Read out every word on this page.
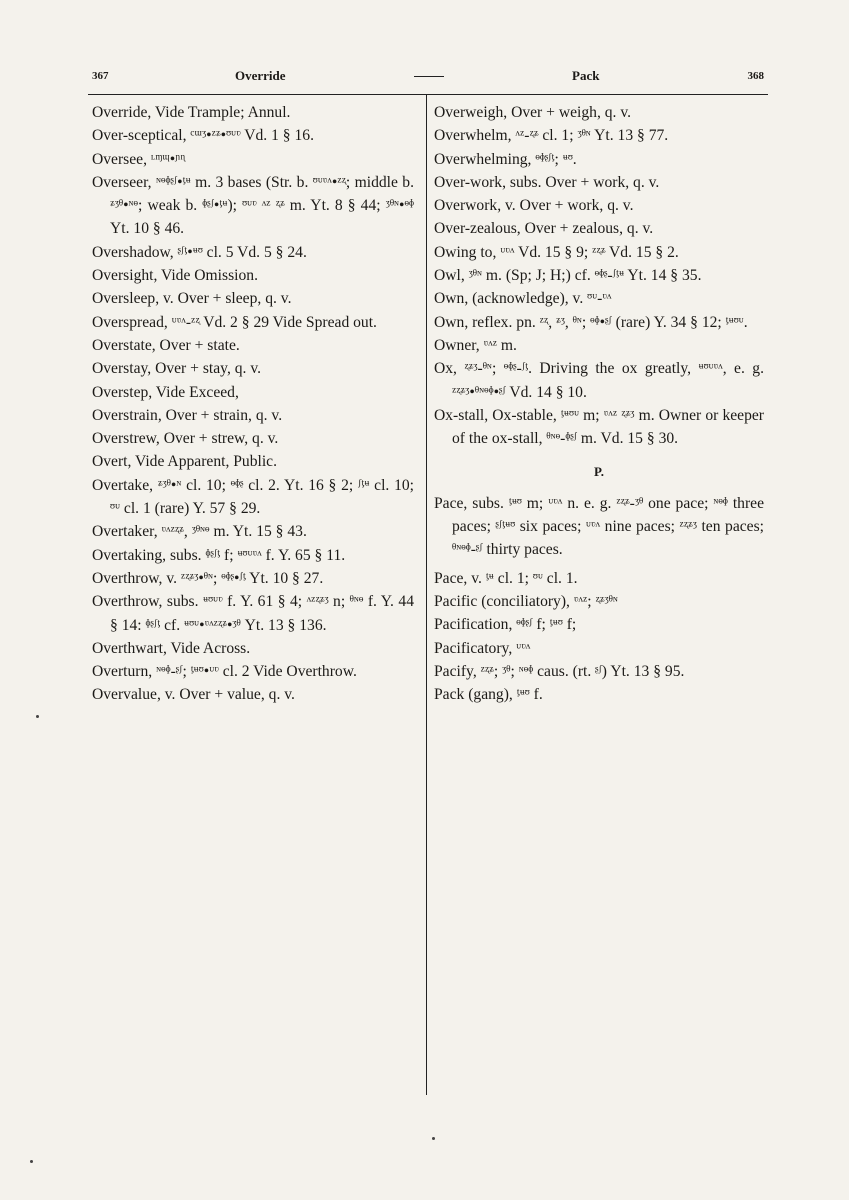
367	Override	Pack	368

Override, Vide Trample; Annul.

Over-sceptical, ᶜᵚᶾ•ᶻᶽ•ᶷᶸᶹ Vd. 1 § 16.

Oversee, ᶫᶬᶭ•ᶮᶯ

Overseer, ᶰᶱᶲᶳᶴ•ᶵᶶ m. 3 bases (Str. b. ᶷᶸᶹᶺ•ᶻᶼ; middle b. ᶽᶾᶿ•ᶰᶱ; weak b. ᶲᶳᶴ•ᶵᶶ); ᶷᶸᶹ ᶺᶻ ᶼᶽ m. Yt. 8 § 44; ᶾᶿᶰ•ᶱᶲ Yt. 10 § 46.

Overshadow, ᶳᶴᶵ•ᶶᶷ cl. 5 Vd. 5 § 24.

Oversight, Vide Omission.

Oversleep, v. Over + sleep, q. v.

Overspread, ᶸᶹᶺ-ᶻᶼ Vd. 2 § 29 Vide Spread out.

Overstate, Over + state.

Overstay, Over + stay, q. v.

Overstep, Vide Exceed,

Overstrain, Over + strain, q. v.

Overstrew, Over + strew, q. v.

Overt, Vide Apparent, Public.

Overtake, ᶽᶾᶿ•ᶰ cl. 10; ᶱᶲᶳ cl. 2. Yt. 16 § 2; ᶴᶵᶶ cl. 10; ᶷᶸ cl. 1 (rare) Y. 57 § 29.

Overtaker, ᶹᶺᶻᶼᶽ, ᶾᶿᶰᶱ m. Yt. 15 § 43.

Overtaking, subs. ᶲᶳᶴᶵ f; ᶶᶷᶸᶹᶺ f. Y. 65 § 11.

Overthrow, v. ᶻᶼᶽᶾ•ᶿᶰ; ᶱᶲᶳ•ᶴᶵ Yt. 10 § 27.

Overthrow, subs. ᶶᶷᶸᶹ f. Y. 61 § 4; ᶺᶻᶼᶽᶾ n; ᶿᶰᶱ f. Y. 44 § 14: ᶲᶳᶴᶵ cf. ᶶᶷᶸ•ᶹᶺᶻᶼᶽ•ᶾᶿ Yt. 13 § 136.

Overthwart, Vide Across.

Overturn, ᶰᶱᶲ-ᶳᶴ; ᶵᶶᶷ•ᶸᶹ cl. 2 Vide Overthrow.

Overvalue, v. Over + value, q. v.

Overweigh, Over + weigh, q. v.

Overwhelm, ᶺᶻ-ᶼᶽ cl. 1; ᶾᶿᶰ Yt. 13 § 77.

Overwhelming, ᶱᶲᶳᶴᶵ; ᶶᶷ.

Over-work, subs. Over + work, q. v.

Overwork, v. Over + work, q. v.

Over-zealous, Over + zealous, q. v.

Owing to, ᶸᶹᶺ Vd. 15 § 9; ᶻᶼᶽ Vd. 15 § 2.

Owl, ᶾᶿᶰ m. (Sp; J; H;) cf. ᶱᶲᶳ-ᶴᶵᶶ Yt. 14 § 35.

Own, (acknowledge), v. ᶷᶸ-ᶹᶺ

Own, reflex. pn. ᶻᶼ, ᶽᶾ, ᶿᶰ; ᶱᶲ•ᶳᶴ (rare) Y. 34 § 12; ᶵᶶᶷᶸ.

Owner, ᶹᶺᶻ m.

Ox, ᶼᶽᶾ-ᶿᶰ; ᶱᶲᶳ-ᶴᶵ. Driving the ox greatly, ᶶᶷᶸᶹᶺ, e. g. ᶻᶼᶽᶾ•ᶿᶰᶱᶲ•ᶳᶴ Vd. 14 § 10.

Ox-stall, Ox-stable, ᶵᶶᶷᶸ m; ᶹᶺᶻ ᶼᶽᶾ m. Owner or keeper of the ox-stall, ᶿᶰᶱ-ᶲᶳᶴ m. Vd. 15 § 30.

P.

Pace, subs. ᶵᶶᶷ m; ᶸᶹᶺ n. e. g. ᶻᶼᶽ-ᶾᶿ one pace; ᶰᶱᶲ three paces; ᶳᶴᶵᶶᶷ six paces; ᶸᶹᶺ nine paces; ᶻᶼᶽᶾ ten paces; ᶿᶰᶱᶲ-ᶳᶴ thirty paces.

Pace, v. ᶵᶶ cl. 1; ᶷᶸ cl. 1.

Pacific (conciliatory), ᶹᶺᶻ; ᶼᶽᶾᶿᶰ

Pacification, ᶱᶲᶳᶴ f; ᶵᶶᶷ f;

Pacificatory, ᶸᶹᶺ

Pacify, ᶻᶼᶽ; ᶾᶿ; ᶰᶱᶲ caus. (rt. ᶳᶴ) Yt. 13 § 95.

Pack (gang), ᶵᶶᶷ f.
